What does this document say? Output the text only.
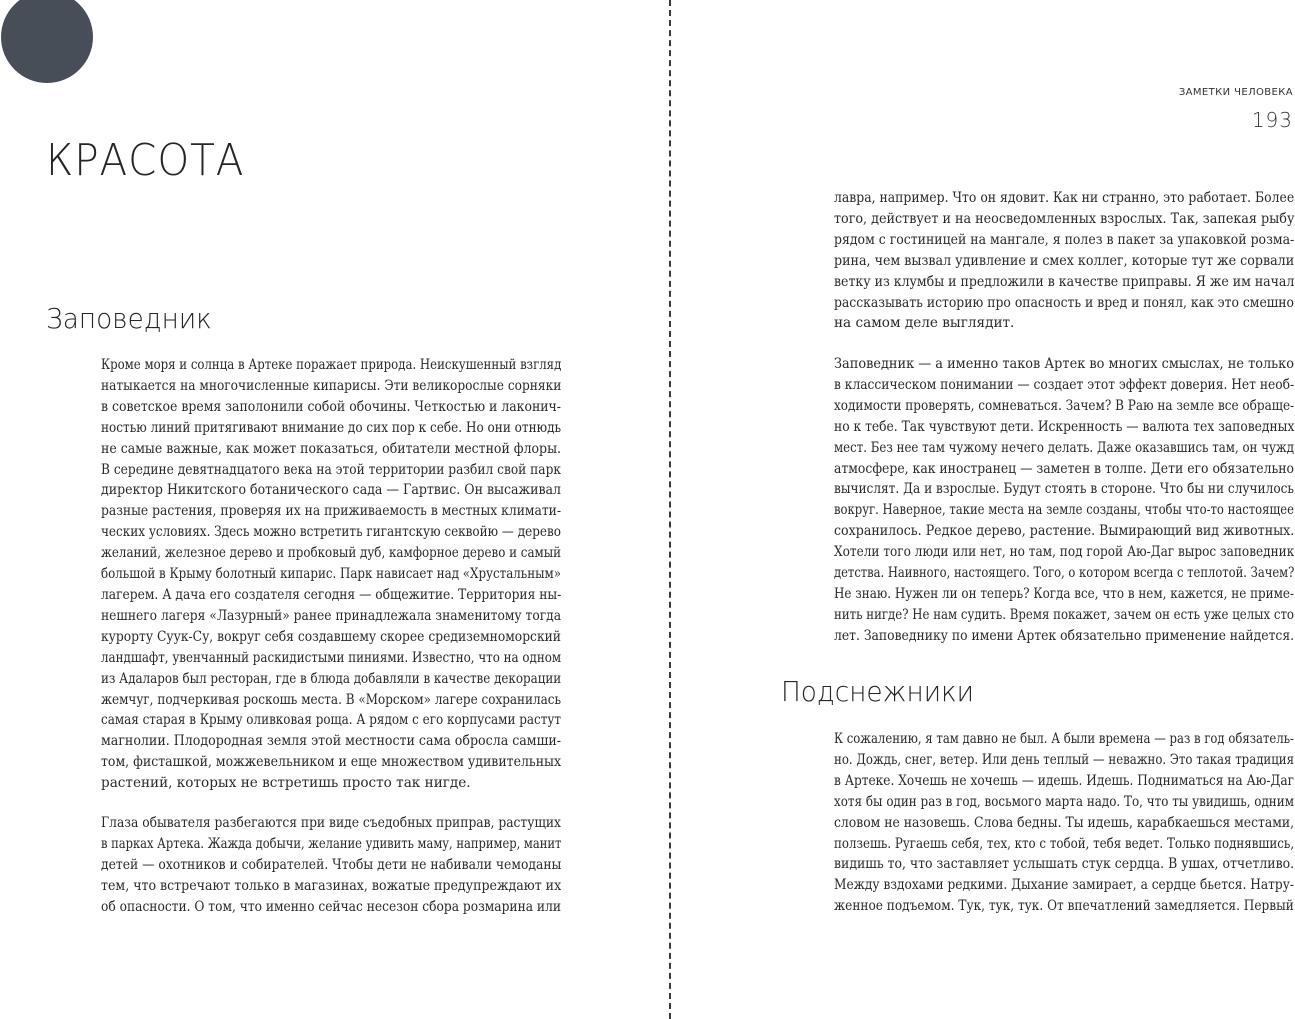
КРАСОТА
Заповедник
Кроме моря и солнца в Артеке поражает природа. Неискушенный взгляд
натыкается на многочисленные кипарисы. Эти великорослые сорняки
в советское время заполонили собой обочины. Четкостью и лаконич-
ностью линий притягивают внимание до сих пор к себе. Но они отнюдь
не самые важные, как может показаться, обитатели местной флоры.
В середине девятнадцатого века на этой территории разбил свой парк
директор Никитского ботанического сада — Гартвис. Он высаживал
разные растения, проверяя их на приживаемость в местных климати-
ческих условиях. Здесь можно встретить гигантскую секвойю — дерево
желаний, железное дерево и пробковый дуб, камфорное дерево и самый
большой в Крыму болотный кипарис. Парк нависает над «Хрустальным»
лагерем. А дача его создателя сегодня — общежитие. Территория ны-
нешнего лагеря «Лазурный» ранее принадлежала знаменитому тогда
курорту Суук-Су, вокруг себя создавшему скорее средиземноморский
ландшафт, увенчанный раскидистыми пиниями. Известно, что на одном
из Адаларов был ресторан, где в блюда добавляли в качестве декорации
жемчуг, подчеркивая роскошь места. В «Морском» лагере сохранилась
самая старая в Крыму оливковая роща. А рядом с его корпусами растут
магнолии. Плодородная земля этой местности сама обросла самши-
том, фисташкой, можжевельником и еще множеством удивительных
растений, которых не встретишь просто так нигде.
Глаза обывателя разбегаются при виде съедобных приправ, растущих
в парках Артека. Жажда добычи, желание удивить маму, например, манит
детей — охотников и собирателей. Чтобы дети не набивали чемоданы
тем, что встречают только в магазинах, вожатые предупреждают их
об опасности. О том, что именно сейчас несезон сбора розмарина или
ЗАМЕТКИ ЧЕЛОВЕКА
193
лавра, например. Что он ядовит. Как ни странно, это работает. Более
того, действует и на неосведомленных взрослых. Так, запекая рыбу
рядом с гостиницей на мангале, я полез в пакет за упаковкой розма-
рина, чем вызвал удивление и смех коллег, которые тут же сорвали
ветку из клумбы и предложили в качестве приправы. Я же им начал
рассказывать историю про опасность и вред и понял, как это смешно
на самом деле выглядит.
Заповедник — а именно таков Артек во многих смыслах, не только
в классическом понимании — создает этот эффект доверия. Нет необ-
ходимости проверять, сомневаться. Зачем? В Раю на земле все обраще-
но к тебе. Так чувствуют дети. Искренность — валюта тех заповедных
мест. Без нее там чужому нечего делать. Даже оказавшись там, он чужд
атмосфере, как иностранец — заметен в толпе. Дети его обязательно
вычислят. Да и взрослые. Будут стоять в стороне. Что бы ни случилось
вокруг. Наверное, такие места на земле созданы, чтобы что-то настоящее
сохранилось. Редкое дерево, растение. Вымирающий вид животных.
Хотели того люди или нет, но там, под горой Аю-Даг вырос заповедник
детства. Наивного, настоящего. Того, о котором всегда с теплотой. Зачем?
Не знаю. Нужен ли он теперь? Когда все, что в нем, кажется, не приме-
нить нигде? Не нам судить. Время покажет, зачем он есть уже целых сто
лет. Заповеднику по имени Артек обязательно применение найдется.
Подснежники
К сожалению, я там давно не был. А были времена — раз в год обязатель-
но. Дождь, снег, ветер. Или день теплый — неважно. Это такая традиция
в Артеке. Хочешь не хочешь — идешь. Идешь. Подниматься на Аю-Даг
хотя бы один раз в год, восьмого марта надо. То, что ты увидишь, одним
словом не назовешь. Слова бедны. Ты идешь, карабкаешься местами,
ползешь. Ругаешь себя, тех, кто с тобой, тебя ведет. Только поднявшись,
видишь то, что заставляет услышать стук сердца. В ушах, отчетливо.
Между вздохами редкими. Дыхание замирает, а сердце бьется. Натру-
женное подъемом. Тук, тук, тук. От впечатлений замедляется. Первый
